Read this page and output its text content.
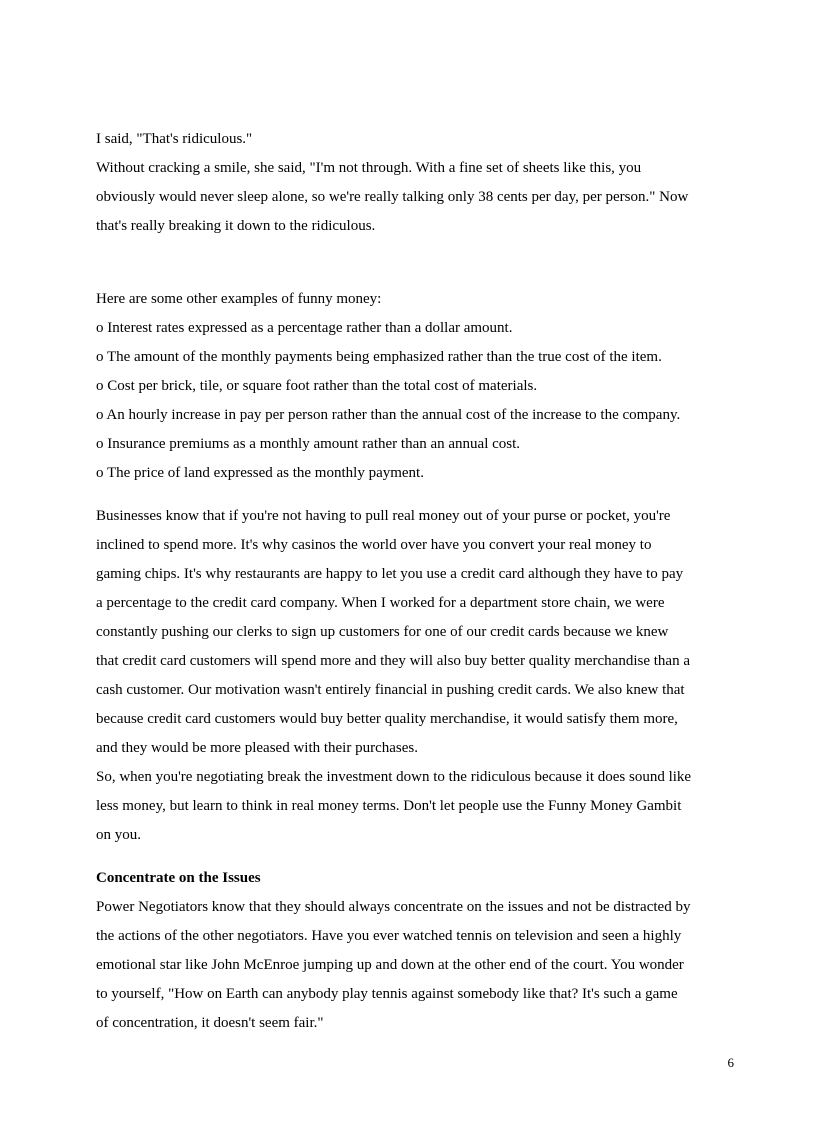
I said, "That's ridiculous."

Without cracking a smile, she said, "I'm not through. With a fine set of sheets like this, you
obviously would never sleep alone, so we're really talking only 38 cents per day, per person." Now
that's really breaking it down to the ridiculous.

Here are some other examples of funny money:

o Interest rates expressed as a percentage rather than a dollar amount.

o The amount of the monthly payments being emphasized rather than the true cost of the item.

o Cost per brick, tile, or square foot rather than the total cost of materials.

o An hourly increase in pay per person rather than the annual cost of the increase to the company.

o Insurance premiums as a monthly amount rather than an annual cost.

o The price of land expressed as the monthly payment.

Businesses know that if you're not having to pull real money out of your purse or pocket, you're
inclined to spend more. It's why casinos the world over have you convert your real money to
gaming chips. It's why restaurants are happy to let you use a credit card although they have to pay
a percentage to the credit card company. When I worked for a department store chain, we were
constantly pushing our clerks to sign up customers for one of our credit cards because we knew
that credit card customers will spend more and they will also buy better quality merchandise than a
cash customer. Our motivation wasn't entirely financial in pushing credit cards. We also knew that
because credit card customers would buy better quality merchandise, it would satisfy them more,
and they would be more pleased with their purchases.

So, when you're negotiating break the investment down to the ridiculous because it does sound like
less money, but learn to think in real money terms. Don't let people use the Funny Money Gambit
on you.

Concentrate on the Issues

Power Negotiators know that they should always concentrate on the issues and not be distracted by
the actions of the other negotiators. Have you ever watched tennis on television and seen a highly
emotional star like John McEnroe jumping up and down at the other end of the court. You wonder
to yourself, "How on Earth can anybody play tennis against somebody like that? It's such a game
of concentration, it doesn't seem fair."

6
